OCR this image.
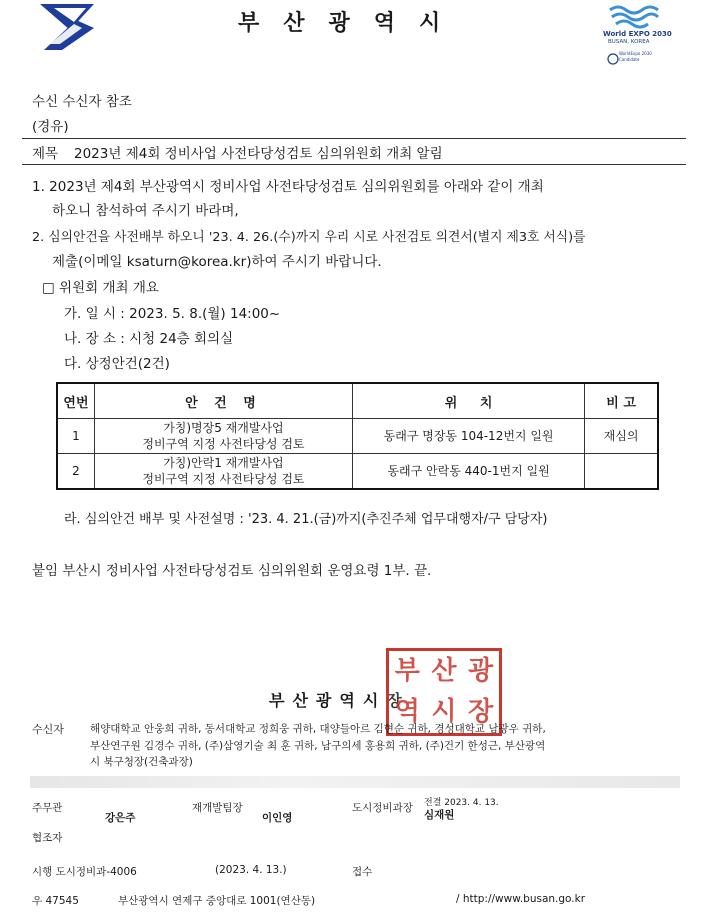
부산광역시	World EXPO 2030
BUSAN, KOREA
WorldExpo 2030
Candidate
수신 수신자 참조
(경유)
제목 2023년 제4회 정비사업 사전타당성검토 심의위원회 개최 알림
1. 2023년 제4회 부산광역시 정비사업 사전타당성검토 심의위원회를 아래와 같이 개최
하오니 참석하여 주시기 바라며,
2. 심의안건을 사전배부 하오니 '23. 4. 26.(수)까지 우리 시로 사전검토 의견서(별지 제3호 서식)를
제출(이메일 ksaturn@korea.kr)하여 주시기 바랍니다.
□ 위원회 개최 개요
가. 일 시 : 2023. 5. 8.(월) 14:00~
나. 장 소 : 시청 24층 회의실
다. 상정안건(2건)
연번	안 건 명	위     치	비 고
1	가칭)명장5 재개발사업
정비구역 지정 사전타당성 검토	동래구 명장동 104-12번지 일원	재심의
2	가칭)안락1 재개발사업
정비구역 지정 사전타당성 검토	동래구 안락동 440-1번지 일원	
라. 심의안건 배부 및 사전설명 : '23. 4. 21.(금)까지(추진주체 업무대행자/구 담당자)
붙임 부산시 정비사업 사전타당성검토 심의위원회 운영요령 1부. 끝.
부산광역시장
부 산 광
역 시 장
수신자 해양대학교 안웅희 귀하, 동서대학교 정희웅 귀하, 대양들아르 김현순 귀하, 경성대학교 남광우 귀하,
부산연구원 김경수 귀하, (주)삼영기술 최 훈 귀하, 남구의세 홍용희 귀하, (주)건기 한성근, 부산광역
시 북구청장(건축과장)
주무관
강은주
재개발팀장
이인영
도시정비과장 전결 2023. 4. 13.
심재원
협조자
시행 도시정비과-4006	(2023. 4. 13.)	접수
우 47545	부산광역시 연제구 중앙대로 1001(연산동)	/ http://www.busan.go.kr
